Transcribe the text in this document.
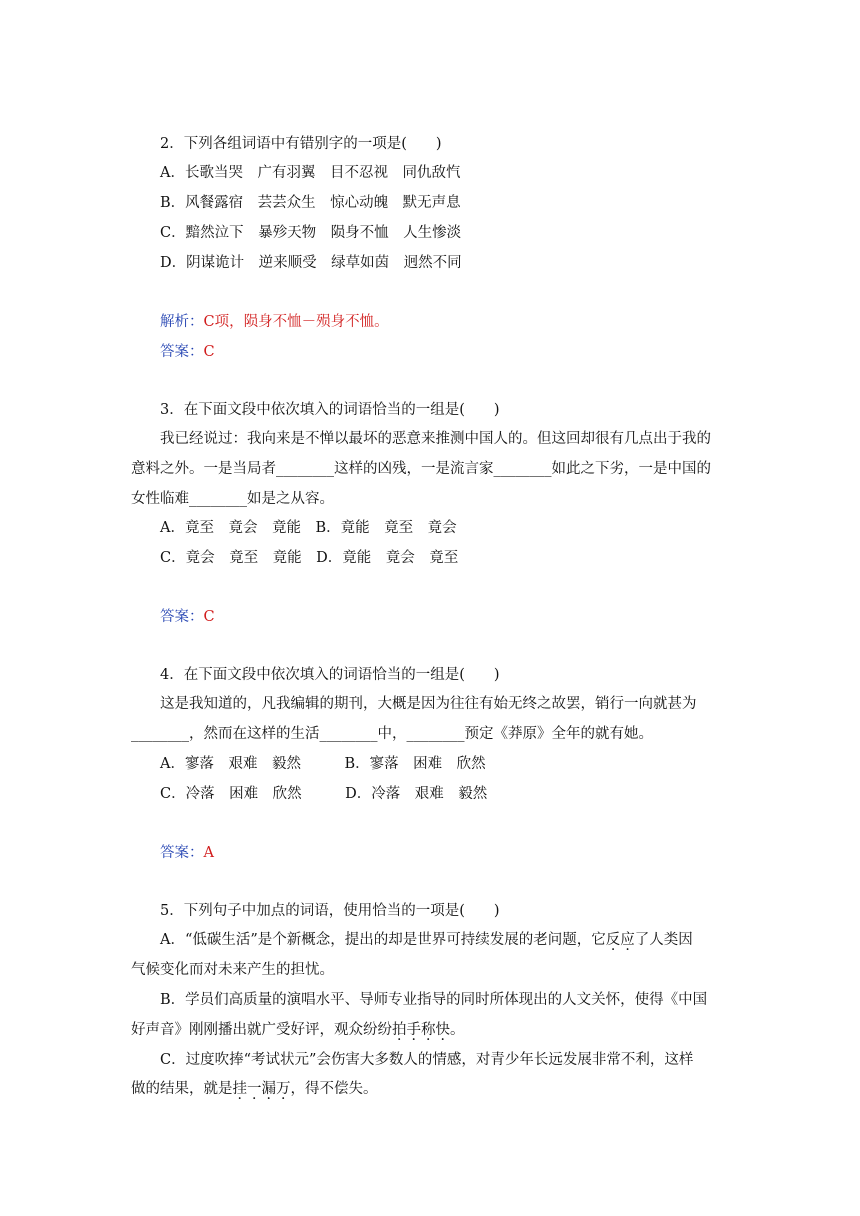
2．下列各组词语中有错别字的一项是(　　)
A．长歌当哭　广有羽翼　目不忍视　同仇敌忾
B．风餐露宿　芸芸众生　惊心动魄　默无声息
C．黯然泣下　暴殄天物　陨身不恤　人生惨淡
D．阴谋诡计　逆来顺受　绿草如茵　迥然不同
解析：C项，陨身不恤－殒身不恤。
答案：C
3．在下面文段中依次填入的词语恰当的一组是(　　)
我已经说过：我向来是不惮以最坏的恶意来推测中国人的。但这回却很有几点出于我的
意料之外。一是当局者________这样的凶残，一是流言家________如此之下劣，一是中国的
女性临难________如是之从容。
A．竟至　竟会　竟能　B．竟能　竟至　竟会
C．竟会　竟至　竟能　D．竟能　竟会　竟至
答案：C
4．在下面文段中依次填入的词语恰当的一组是(　　)
这是我知道的，凡我编辑的期刊，大概是因为往往有始无终之故罢，销行一向就甚为
________，然而在这样的生活________中，________预定《莽原》全年的就有她。
A．寥落　艰难　毅然　　　B．寥落　困难　欣然
C．冷落　困难　欣然　　　D．冷落　艰难　毅然
答案：A
5．下列句子中加点的词语，使用恰当的一项是(　　)
A．“低碳生活”是个新概念，提出的却是世界可持续发展的老问题，它反应了人类因
气候变化而对未来产生的担忧。
B．学员们高质量的演唱水平、导师专业指导的同时所体现出的人文关怀，使得《中国
好声音》刚刚播出就广受好评，观众纷纷拍手称快。
C．过度吹捧“考试状元”会伤害大多数人的情感，对青少年长远发展非常不利，这样
做的结果，就是挂一漏万，得不偿失。
